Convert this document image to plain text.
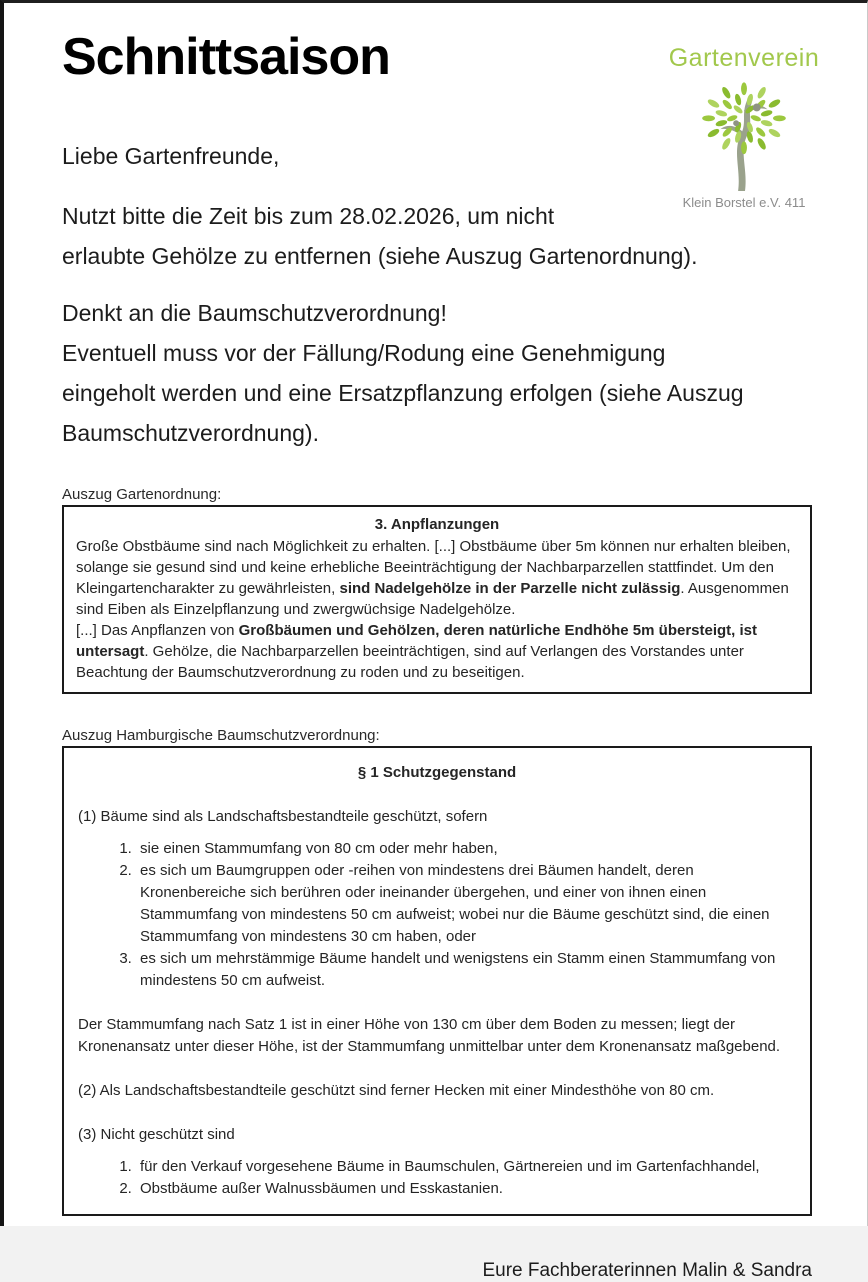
Gartenverein
Klein Borstel e.V. 411
Schnittsaison
Liebe Gartenfreunde,
Nutzt bitte die Zeit bis zum 28.02.2026, um nicht
erlaubte Gehölze zu entfernen (siehe Auszug Gartenordnung).
Denkt an die Baumschutzverordnung!
Eventuell muss vor der Fällung/Rodung eine Genehmigung
eingeholt werden und eine Ersatzpflanzung erfolgen (siehe Auszug
Baumschutzverordnung).
Auszug Gartenordnung:
3. Anpflanzungen
Große Obstbäume sind nach Möglichkeit zu erhalten. [...] Obstbäume über 5m können nur erhalten bleiben, solange sie gesund sind und keine erhebliche Beeinträchtigung der Nachbarparzellen stattfindet. Um den Kleingartencharakter zu gewährleisten, sind Nadelgehölze in der Parzelle nicht zulässig. Ausgenommen sind Eiben als Einzelpflanzung und zwergwüchsige Nadelgehölze.
[...] Das Anpflanzen von Großbäumen und Gehölzen, deren natürliche Endhöhe 5m übersteigt, ist untersagt. Gehölze, die Nachbarparzellen beeinträchtigen, sind auf Verlangen des Vorstandes unter Beachtung der Baumschutzverordnung zu roden und zu beseitigen.
Auszug Hamburgische Baumschutzverordnung:
§ 1 Schutzgegenstand
(1) Bäume sind als Landschaftsbestandteile geschützt, sofern
1. sie einen Stammumfang von 80 cm oder mehr haben,
2. es sich um Baumgruppen oder -reihen von mindestens drei Bäumen handelt, deren Kronenbereiche sich berühren oder ineinander übergehen, und einer von ihnen einen Stammumfang von mindestens 50 cm aufweist; wobei nur die Bäume geschützt sind, die einen Stammumfang von mindestens 30 cm haben, oder
3. es sich um mehrstämmige Bäume handelt und wenigstens ein Stamm einen Stammumfang von mindestens 50 cm aufweist.
Der Stammumfang nach Satz 1 ist in einer Höhe von 130 cm über dem Boden zu messen; liegt der Kronenansatz unter dieser Höhe, ist der Stammumfang unmittelbar unter dem Kronenansatz maßgebend.
(2) Als Landschaftsbestandteile geschützt sind ferner Hecken mit einer Mindesthöhe von 80 cm.
(3) Nicht geschützt sind
1. für den Verkauf vorgesehene Bäume in Baumschulen, Gärtnereien und im Gartenfachhandel,
2. Obstbäume außer Walnussbäumen und Esskastanien.
Eure Fachberaterinnen Malin & Sandra
